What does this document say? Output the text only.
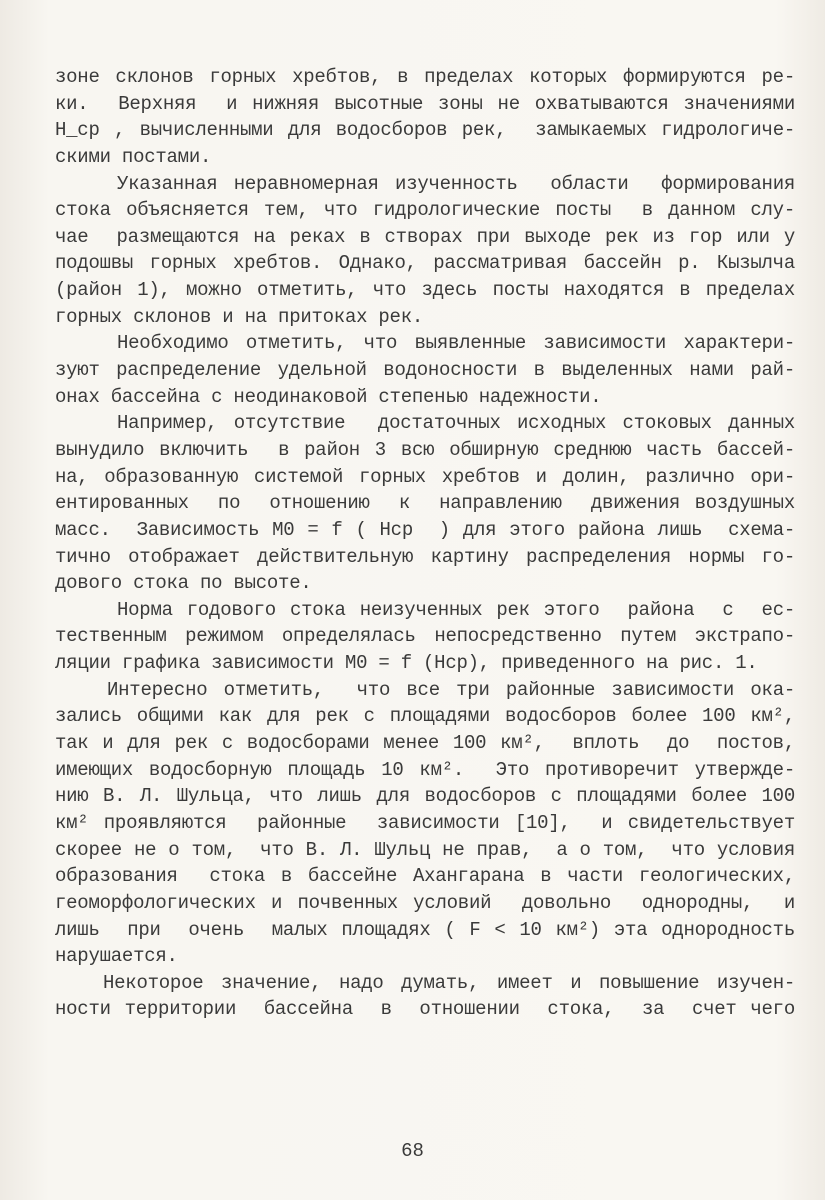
зоне склонов горных хребтов, в пределах которых формируются ре-
ки.  Верхняя  и нижняя высотные зоны не охватываются значениями
H_cp , вычисленными для водосборов рек,  замыкаемых гидрологиче-
скими постами.
Указанная неравномерная изученность  области  формирования
стока объясняется тем, что гидрологические посты  в данном слу-
чае  размещаются на реках в створах при выходе рек из гор или у
подошвы горных хребтов. Однако, рассматривая бассейн р. Кызылча
(район 1), можно отметить, что здесь посты находятся в пределах
горных склонов и на притоках рек.
Необходимо отметить, что выявленные зависимости характери-
зуют распределение удельной водоносности в выделенных нами рай-
онах бассейна с неодинаковой степенью надежности.
Например, отсутствие  достаточных исходных стоковых данных
вынудило включить  в район 3 всю обширную среднюю часть бассей-
на, образованную системой горных хребтов и долин, различно ори-
ентированных  по  отношению  к  направлению  движения воздушных
масс.  Зависимость M0 = f ( Hcp  ) для этого района лишь  схема-
тично отображает действительную картину распределения нормы го-
дового стока по высоте.
Норма годового стока неизученных рек этого  района  с  ес-
тественным режимом определялась непосредственно путем экстрапо-
ляции графика зависимости M0 = f (Hcp), приведенного на рис. 1.
Интересно отметить,  что все три районные зависимости ока-
зались общими как для рек с площадями водосборов более 100 км²,
так и для рек с водосборами менее 100 км²,  вплоть  до  постов,
имеющих водосборную площадь 10 км².  Это противоречит утвержде-
нию В. Л. Шульца, что лишь для водосборов с площадями более 100
км² проявляются  районные  зависимости [10],  и свидетельствует
скорее не о том,  что В. Л. Шульц не прав,  а о том,  что условия
образования  стока в бассейне Ахангарана в части геологических,
геоморфологических и почвенных условий  довольно  однородны,  и
лишь  при  очень  малых площадях ( F < 10 км²) эта однородность
нарушается.
Некоторое значение, надо думать, имеет и повышение изучен-
ности территории  бассейна  в  отношении  стока,  за  счет чего
68
